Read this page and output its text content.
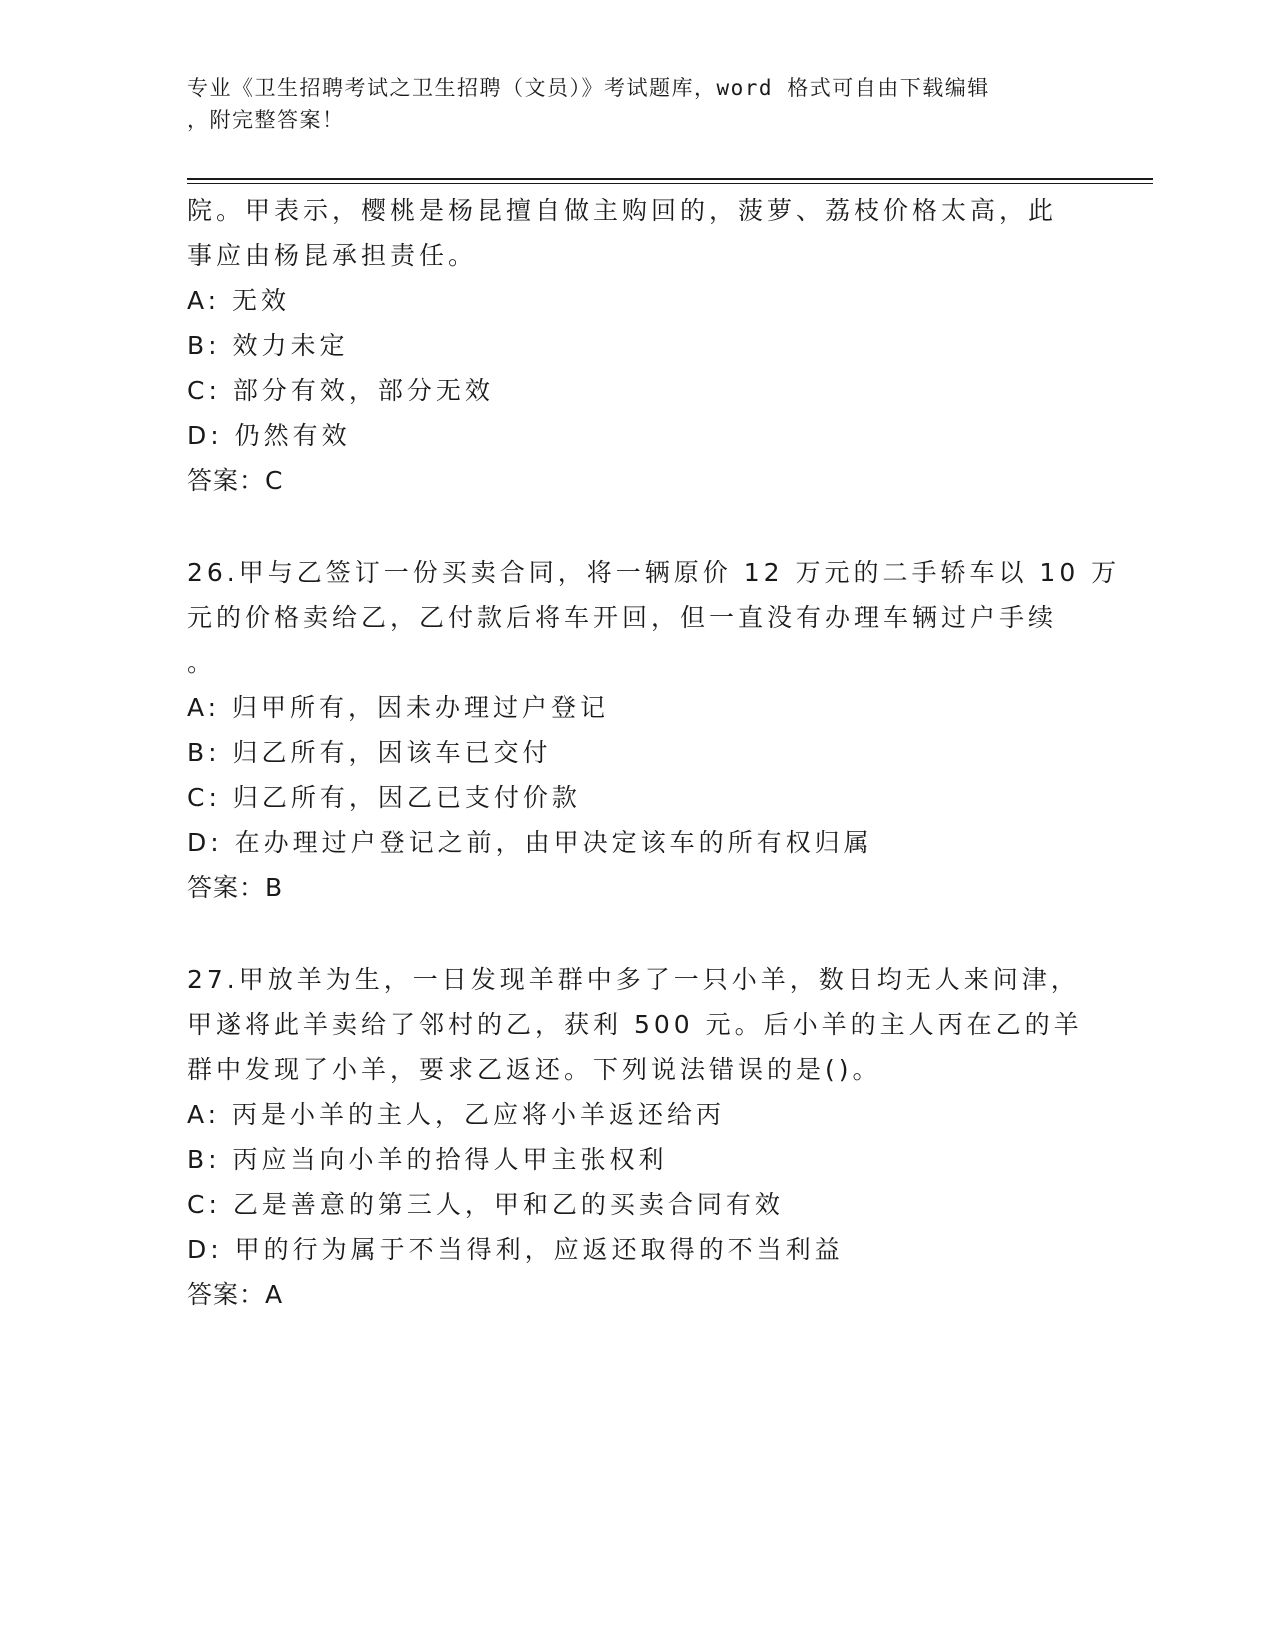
专业《卫生招聘考试之卫生招聘（文员）》考试题库，word 格式可自由下载编辑
，附完整答案！
院。甲表示，樱桃是杨昆擅自做主购回的，菠萝、荔枝价格太高，此
事应由杨昆承担责任。
A: 无效
B: 效力未定
C: 部分有效，部分无效
D: 仍然有效
答案：C
26.甲与乙签订一份买卖合同，将一辆原价 12 万元的二手轿车以 10 万
元的价格卖给乙，乙付款后将车开回，但一直没有办理车辆过户手续
。
A: 归甲所有，因未办理过户登记
B: 归乙所有，因该车已交付
C: 归乙所有，因乙已支付价款
D: 在办理过户登记之前，由甲决定该车的所有权归属
答案：B
27.甲放羊为生，一日发现羊群中多了一只小羊，数日均无人来问津，
甲遂将此羊卖给了邻村的乙，获利 500 元。后小羊的主人丙在乙的羊
群中发现了小羊，要求乙返还。下列说法错误的是()。
A: 丙是小羊的主人，乙应将小羊返还给丙
B: 丙应当向小羊的拾得人甲主张权利
C: 乙是善意的第三人，甲和乙的买卖合同有效
D: 甲的行为属于不当得利，应返还取得的不当利益
答案：A
